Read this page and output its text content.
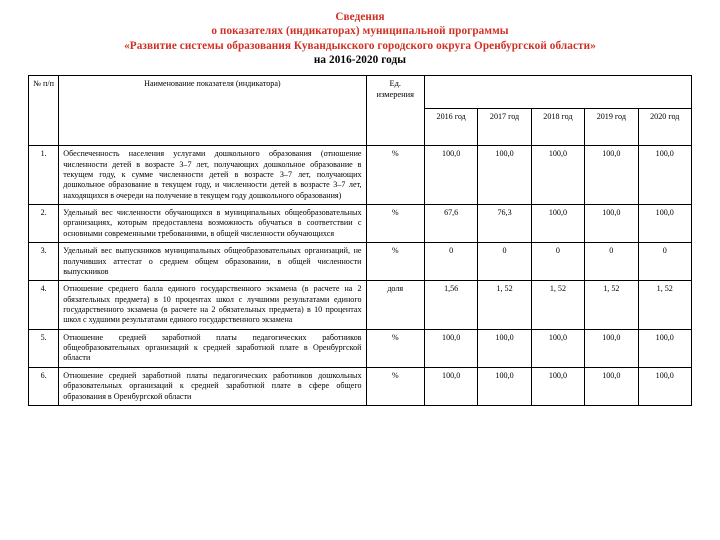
Сведения
о показателях (индикаторах) муниципальной программы
«Развитие системы образования Кувандыкского городского округа Оренбургской области»
на 2016-2020 годы
№ п/п	Наименование показателя (индикатора)	Ед. измерения					
			2016 год	2017 год	2018 год	2019 год	2020 год
1.	Обеспеченность населения услугами дошкольного образования (отношение численности детей в возрасте 3–7 лет, получающих дошкольное образование в текущем году, к сумме численности детей в возрасте 3–7 лет, получающих дошкольное образование в текущем году, и численности детей в возрасте 3–7 лет, находящихся в очереди на получение в текущем году дошкольного образования)	%	100,0	100,0	100,0	100,0	100,0
2.	Удельный вес численности обучающихся в муниципальных общеобразовательных организациях, которым предоставлена возможность обучаться в соответствии с основными современными требованиями, в общей численности обучающихся	%	67,6	76,3	100,0	100,0	100,0
3.	Удельный вес выпускников муниципальных общеобразовательных организаций, не получивших аттестат о среднем общем образовании, в общей численности выпускников	%	0	0	0	0	0
4.	Отношение среднего балла единого государственного экзамена (в расчете на 2 обязательных предмета) в 10 процентах школ с лучшими результатами единого государственного экзамена (в расчете на 2 обязательных предмета) в 10 процентах школ с худшими результатами единого государственного экзамена	доля	1,56	1, 52	1, 52	1, 52	1, 52
5.	Отношение средней заработной платы педагогических работников общеобразовательных организаций к средней заработной плате в Оренбургской области	%	100,0	100,0	100,0	100,0	100,0
6.	Отношение средней заработной платы педагогических работников дошкольных образовательных организаций к средней заработной плате в сфере общего образования в Оренбургской области	%	100,0	100,0	100,0	100,0	100,0
